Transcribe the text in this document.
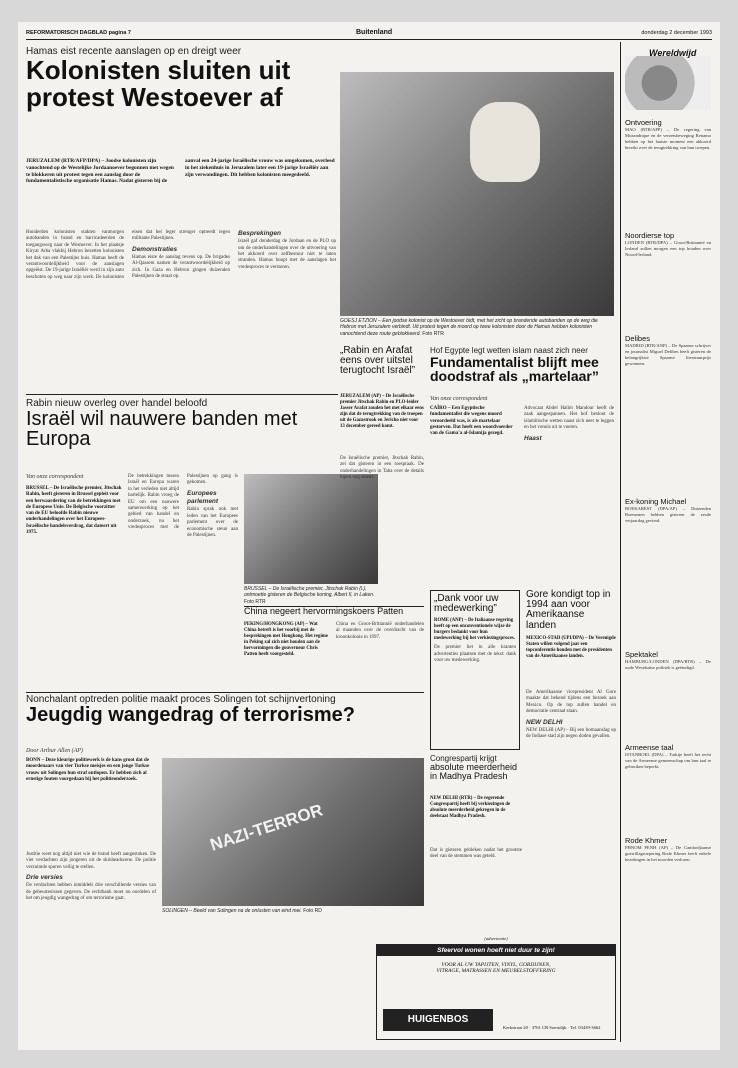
REFORMATORISCH DAGBLAD pagina 7	Buitenland	donderdag 2 december 1993
Hamas eist recente aanslagen op en dreigt weer
Kolonisten sluiten uit protest Westoever af
JERUZALEM (RTR/AFP/DPA) – Joodse kolonisten zijn vanochtend op de Westelijke Jordaanoever begonnen met wegen te blokkeren uit protest tegen een aanslag door de fundamentalistische organisatie Hamas. Nadat gisteren bij de aanval een 24-jarige Israëlische vrouw was omgekomen, overleed in het ziekenhuis in Jeruzalem later een 19-jarige Israëliër aan zijn verwondingen. Dit hebben kolonisten meegedeeld.
Honderden kolonisten stakten vanmorgen autobanden in brand en barricadeerden de toegangsweg naar de Westoever. In het plaatsje Kiryat Arba vlakbij Hebron bezetten kolonisten het dak van een Palestijns huis. Hamas heeft de verantwoordelijkheid voor de aanslagen opgeëist. De 19-jarige Israëliër werd in zijn auto beschoten op weg naar zijn werk. De kolonisten eisen dat het leger strenger optreedt tegen militante Palestijnen.
Demonstraties
Hamas eiste de aanslag tevens op. De brigades Al-Qassem namen de verantwoordelijkheid op zich. In Gaza en Hebron gingen duizenden Palestijnen de straat op.
Besprekingen
Israël gaf donderdag de Jordaan en de PLO op om de onderhandelingen over de uitvoering van het akkoord over zelfbestuur niet te laten stranden. Hamas hoopt met de aanslagen het vredesproces te verstoren.
GOESJ ETZION – Een joodse kolonist op de Westoever bidt, met het zicht op brandende autobanden op de weg die Hebron met Jeruzalem verbindt. Uit protest tegen de moord op twee kolonisten door de Hamas hebben kolonisten vanochtend deze route geblokkeerd. Foto RTR
Rabin nieuw overleg over handel beloofd
Israël wil nauwere banden met Europa
Van onze correspondent
BRUSSEL – De Israëlische premier, Jitschak Rabin, heeft gisteren in Brussel gepleit voor een herwaardering van de betrekkingen met de Europese Unie. De Belgische voorzitter van de EU beloofde Rabin nieuwe onderhandelingen over het Europees-Israëlische handelsverdrag, dat dateert uit 1975.
De betrekkingen tussen Israël en Europa waren in het verleden niet altijd hartelijk. Rabin vroeg de EU om een nauwere samenwerking op het gebied van handel en onderzoek, nu het vredesproces met de Palestijnen op gang is gekomen.
Europees parlement
Rabin sprak ook met leden van het Europees parlement over de economische steun aan de Palestijnen.
BRUSSEL – De Israëlische premier, Jitschak Rabin (l.), ontmoette gisteren de Belgische koning, Albert II, in Laken. Foto RTR
„Rabin en Arafat eens over uitstel terugtocht Israël”
JERUZALEM (AP) – De Israëlische premier Jitschak Rabin en PLO-leider Jasser Arafat zouden het met elkaar eens zijn dat de terugtrekking van de troepen uit de Gazastrook en Jericho niet voor 13 december gereed komt.
De Israëlische premier, Jitschak Rabin, zei dat gisteren in een toespraak. De onderhandelingen in Taba over de details lopen nog steeds.
Hof Egypte legt wetten islam naast zich neer
Fundamentalist blijft mee doodstraf als „martelaar”
Van onze correspondent
CAÏRO – Een Egyptische fundamentalist die wegens moord veroordeeld was, is als martelaar gestorven. Dat heeft een woordvoerder van de Gama'a al-Islamija gezegd.
Advocaat Abdel Halim Mandour heeft de zaak aangespannen. Het hof besloot de islamitische wetten naast zich neer te leggen en het vonnis uit te voeren.
Haast
China negeert hervormingskoers Patten
PEKING/HONGKONG (AP) – Wat China betreft is het voorbij met de besprekingen met Hongkong. Het regime in Peking zal zich niet houden aan de hervormingen die gouverneur Chris Patten heeft voorgesteld.
China en Groot-Brittannië onderhandelen al maanden over de overdracht van de kroonkolonie in 1997.
„Dank voor uw medewerking”
ROME (ANP) – De Italiaanse regering heeft op een onconventionele wijze de burgers bedankt voor hun medewerking bij het verkiezingsproces.
De premier liet in alle kranten advertenties plaatsen met de tekst: dank voor uw medewerking.
Gore kondigt top in 1994 aan voor Amerikaanse landen
MEXICO-STAD (UPI/DPA) – De Verenigde Staten willen volgend jaar een topconferentie houden met de presidenten van de Amerikaanse landen.
De Amerikaanse vicepresident Al Gore maakte dat bekend tijdens een bezoek aan Mexico. Op de top zullen handel en democratie centraal staan.
NEW DELHI
NEW DELHI (AP) – Bij een bomaanslag op de Indiase stad zijn negen doden gevallen.
Congrespartij krijgt
absolute meerderheid in Madhya Pradesh
NEW DELHI (RTR) – De regerende Congrespartij heeft bij verkiezingen de absolute meerderheid gekregen in de deelstaat Madhya Pradesh.
Dat is gisteren gebleken nadat het grootste deel van de stemmen was geteld.
Nonchalant optreden politie maakt proces Solingen tot schijnvertoning
Jeugdig wangedrag of terrorisme?
Door Arthur Allen (AP)
BONN – Deze kleurige politiewerk is de kans groot dat de moordenaars van vier Turkse meisjes en een jonge Turkse vrouw uit Solingen hun straf ontlopen. Er hebben zich al ernstige fouten voorgedaan bij het politieonderzoek.
Justitie weet nog altijd niet wie de brand heeft aangestoken. De vier verdachten zijn jongeren uit de skinheadscene. De politie verzuimde sporen veilig te stellen.
Drie versies
De verdachten hebben inmiddels drie verschillende versies van de gebeurtenissen gegeven. De rechtbank moet nu oordelen of het om jeugdig wangedrag of om terrorisme gaat.
NAZI-TERROR
SOLINGEN – Beeld van Solingen na de onlusten van eind mei. Foto RD
(advertentie)
Sfeervol wonen hoeft niet duur te zijn!
VOOR AL UW TAPIJTEN, VINYL, GORDIJNEN,
VITRAGE, MATRASSEN EN MEUBELSTOFFERING
HUIGENBOS
Kerkstraat 20 · 3761 CB Soestdijk · Tel. 03439-3662
Wereldwijd
Ontvoering
MAO (RTR/AFP) – De regering van Mozambique en de verzetsbeweging Renamo hebben op het laatste moment een akkoord bereikt over de terugtrekking van hun troepen.
Noordierse top
LONDEN (RTR/DPA) – Groot-Brittannië en Ierland zullen morgen een top houden over Noord-Ierland.
Delibes
MADRID (RTR/ANP) – De Spaanse schrijver en journalist Miguel Delibes heeft gisteren de belangrijkste Spaanse literatuurprijs gewonnen.
Ex-koning Michael
BOEKAREST (DPA/AP) – Duizenden Roemenen hebben gisteren de zesde verjaardag gevierd.
Spektakel
HAMBURG/LONDEN (DPA/RTR) – De oude Westduitse politiek is geëindigd.
Armeense taal
ISTANBOEL (DPA) – Turkije heeft het recht van de Armeense gemeenschap om hun taal te gebruiken beperkt.
Rode Khmer
PHNOM PENH (AP) – De Cambodjaanse guerrillagroepering Rode Khmer heeft enkele bezittingen in het noorden verloren.
